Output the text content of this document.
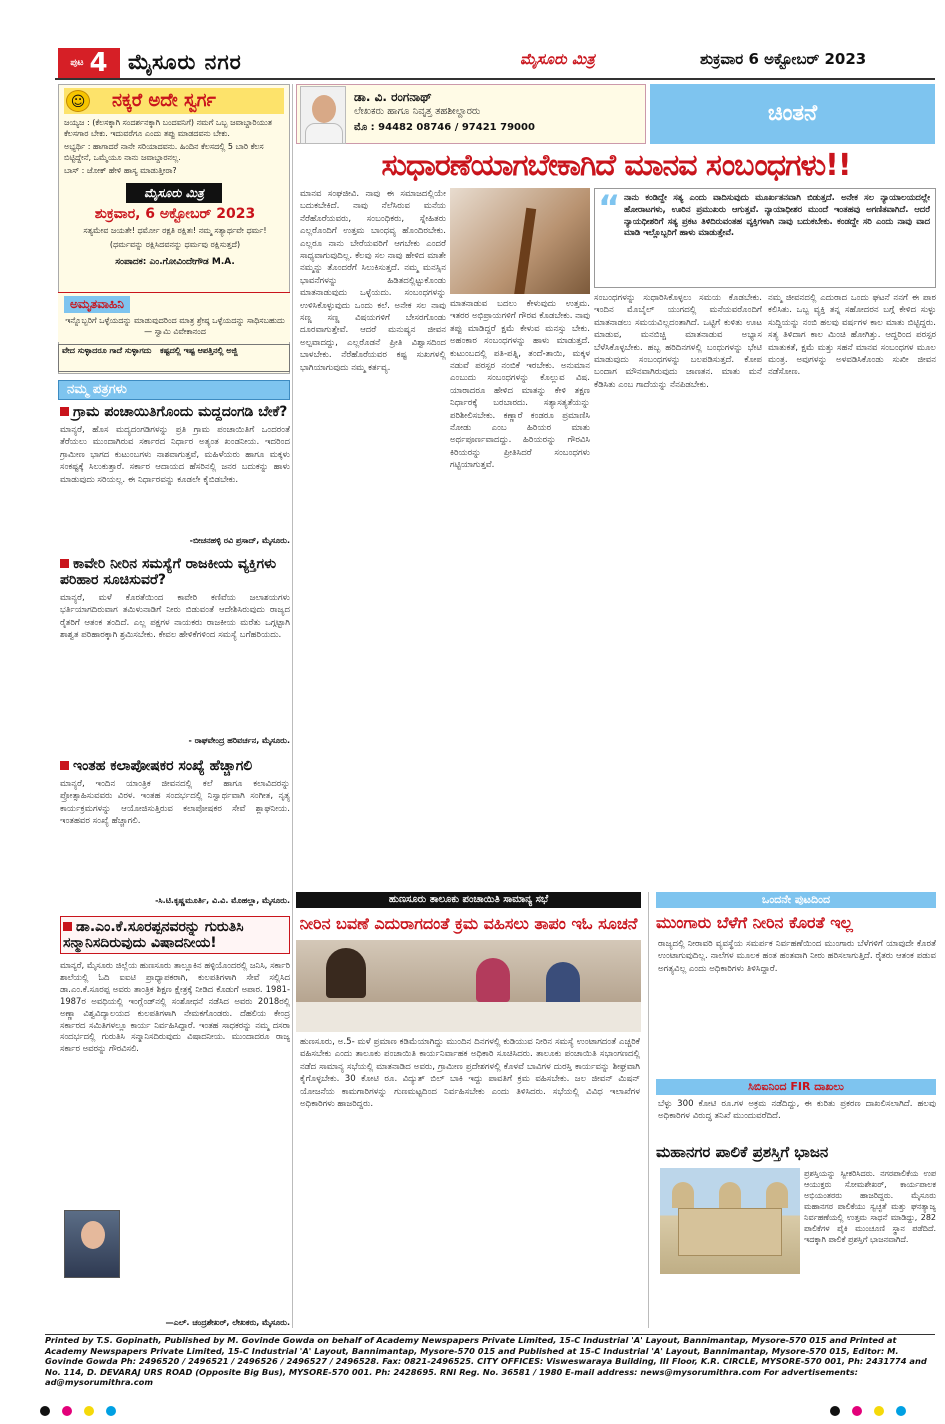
ಪುಟ 4 ಮೈಸೂರು ನಗರ	ಮೈಸೂರು ಮಿತ್ರ	ಶುಕ್ರವಾರ 6 ಅಕ್ಟೋಬರ್ 2023
ನಕ್ಕರೆ ಅದೇ ಸ್ವರ್ಗ
☺
ಜಯ್ಯಜ : (ಕೆಲಸಕ್ಕಾಗಿ ಸಂದರ್ಶನಕ್ಕಾಗಿ ಬಂದವನಿಗೆ) ನಮಗೆ ಒಬ್ಬ ಜವಾಬ್ದಾರಿಯುತ ಕೆಲಸಗಾರ ಬೇಕು. ಇದುವರೆಗೂ ಎಂದು ತಪ್ಪು ಮಾಡದವನು ಬೇಕು.
ಅಭ್ಯರ್ಥಿ : ಹಾಗಾದರೆ ನಾನೇ ಸರಿಯಾದವನು. ಹಿಂದಿನ ಕೆಲಸದಲ್ಲಿ 5 ಬಾರಿ ಕೆಲಸ ಬಿಟ್ಟಿದ್ದೇನೆ, ಒಮ್ಮೆಯೂ ನಾನು ಜವಾಬ್ದಾರನಲ್ಲ.
ಬಾಸ್ : ಜೋಕ್ ಹೇಳಿ ಹಾಸ್ಯ ಮಾಡುತ್ತೀರಾ?
ಮೈಸೂರು ಮಿತ್ರ
ಶುಕ್ರವಾರ, 6 ಅಕ್ಟೋಬರ್ 2023
ಸತ್ಯಮೇವ ಜಯತೇ! ಧರ್ಮೋ ರಕ್ಷತಿ ರಕ್ಷಿತಃ! ನಮ್ಮ ಸತ್ಯಾರ್ಥವೇ ಧರ್ಮ!
(ಧರ್ಮವನ್ನು ರಕ್ಷಿಸಿದವನನ್ನು ಧರ್ಮವು ರಕ್ಷಿಸುತ್ತದೆ)
ಸಂಪಾದಕ: ಎಂ.ಗೋವಿಂದೇಗೌಡ M.A.
ಅಮೃತವಾಹಿನಿ
ಇನ್ನೊಬ್ಬರಿಗೆ ಒಳ್ಳೆಯದನ್ನು ಮಾಡುವುದರಿಂದ ಮಾತ್ರ ಶ್ರೇಷ್ಠ ಒಳ್ಳೆಯದನ್ನು ಸಾಧಿಸಬಹುದು — ಸ್ವಾಮಿ ವಿವೇಕಾನಂದ
ವೇದ ಸುಳ್ಳಾದರೂ ಗಾದೆ ಸುಳ್ಳಾಗದು ಕಷ್ಟದಲ್ಲಿ ಇಷ್ಟ ಆಪತ್ತಿನಲ್ಲಿ ಅಜ್ಜಿ
ನಮ್ಮ ಪತ್ರಗಳು
ಗ್ರಾಮ ಪಂಚಾಯಿತಿಗೊಂದು ಮದ್ದದಂಗಡಿ ಬೇಕೆ?
ಮಾನ್ಯರೆ, ಹೊಸ ಮದ್ಯದಂಗಡಿಗಳನ್ನು ಪ್ರತಿ ಗ್ರಾಮ ಪಂಚಾಯಿತಿಗೆ ಒಂದರಂತೆ ತೆರೆಯಲು ಮುಂದಾಗಿರುವ ಸರ್ಕಾರದ ನಿರ್ಧಾರ ಅತ್ಯಂತ ಖಂಡನೀಯ. ಇದರಿಂದ ಗ್ರಾಮೀಣ ಭಾಗದ ಕುಟುಂಬಗಳು ನಾಶವಾಗುತ್ತವೆ, ಮಹಿಳೆಯರು ಹಾಗೂ ಮಕ್ಕಳು ಸಂಕಷ್ಟಕ್ಕೆ ಸಿಲುಕುತ್ತಾರೆ. ಸರ್ಕಾರ ಆದಾಯದ ಹೆಸರಿನಲ್ಲಿ ಜನರ ಬದುಕನ್ನು ಹಾಳು ಮಾಡುವುದು ಸರಿಯಲ್ಲ. ಈ ನಿರ್ಧಾರವನ್ನು ಕೂಡಲೇ ಕೈಬಿಡಬೇಕು.
-ಬೀಚನಹಳ್ಳಿ ರವಿ ಪ್ರಸಾದ್, ಮೈಸೂರು.
ಕಾವೇರಿ ನೀರಿನ ಸಮಸ್ಯೆಗೆ ರಾಜಕೀಯ ವ್ಯಕ್ತಿಗಳು ಪರಿಹಾರ ಸೂಚಿಸುವರೆ?
ಮಾನ್ಯರೆ, ಮಳೆ ಕೊರತೆಯಿಂದ ಕಾವೇರಿ ಕಣಿವೆಯ ಜಲಾಶಯಗಳು ಭರ್ತಿಯಾಗದಿರುವಾಗ ತಮಿಳುನಾಡಿಗೆ ನೀರು ಬಿಡುವಂತೆ ಆದೇಶಿಸಿರುವುದು ರಾಜ್ಯದ ರೈತರಿಗೆ ಆತಂಕ ತಂದಿದೆ. ಎಲ್ಲ ಪಕ್ಷಗಳ ನಾಯಕರು ರಾಜಕೀಯ ಮರೆತು ಒಗ್ಗಟ್ಟಾಗಿ ಶಾಶ್ವತ ಪರಿಹಾರಕ್ಕಾಗಿ ಶ್ರಮಿಸಬೇಕು. ಕೇವಲ ಹೇಳಿಕೆಗಳಿಂದ ಸಮಸ್ಯೆ ಬಗೆಹರಿಯದು.
- ರಾಘವೇಂದ್ರ ಹರಿವರ್ಚನ, ಮೈಸೂರು.
ಇಂತಹ ಕಲಾಪೋಷಕರ ಸಂಖ್ಯೆ ಹೆಚ್ಚಾಗಲಿ
ಮಾನ್ಯರೆ, ಇಂದಿನ ಯಾಂತ್ರಿಕ ಜೀವನದಲ್ಲಿ ಕಲೆ ಹಾಗೂ ಕಲಾವಿದರನ್ನು ಪ್ರೋತ್ಸಾಹಿಸುವವರು ವಿರಳ. ಇಂತಹ ಸಂದರ್ಭದಲ್ಲಿ ನಿಸ್ವಾರ್ಥವಾಗಿ ಸಂಗೀತ, ನೃತ್ಯ ಕಾರ್ಯಕ್ರಮಗಳನ್ನು ಆಯೋಜಿಸುತ್ತಿರುವ ಕಲಾಪೋಷಕರ ಸೇವೆ ಶ್ಲಾಘನೀಯ. ಇಂತಹವರ ಸಂಖ್ಯೆ ಹೆಚ್ಚಾಗಲಿ.
-ಸಿ.ಟಿ.ಕೃಷ್ಣಮೂರ್ತಿ, ವಿ.ವಿ. ಮೊಹಲ್ಲಾ, ಮೈಸೂರು.
ಡಾ.ಎಂ.ಕೆ.ಸೂರಪ್ಪನವರನ್ನು ಗುರುತಿಸಿ ಸನ್ಮಾನಿಸದಿರುವುದು ವಿಷಾದನೀಯ!
ಮಾನ್ಯರೆ, ಮೈಸೂರು ಜಿಲ್ಲೆಯ ಹುಣಸೂರು ತಾಲ್ಲೂಕಿನ ಹಳ್ಳಿಯೊಂದರಲ್ಲಿ ಜನಿಸಿ, ಸರ್ಕಾರಿ ಶಾಲೆಯಲ್ಲಿ ಓದಿ ಐಐಟಿ ಪ್ರಾಧ್ಯಾಪಕರಾಗಿ, ಕುಲಪತಿಗಳಾಗಿ ಸೇವೆ ಸಲ್ಲಿಸಿದ ಡಾ.ಎಂ.ಕೆ.ಸೂರಪ್ಪ ಅವರು ತಾಂತ್ರಿಕ ಶಿಕ್ಷಣ ಕ್ಷೇತ್ರಕ್ಕೆ ನೀಡಿದ ಕೊಡುಗೆ ಅಪಾರ. 1981-1987ರ ಅವಧಿಯಲ್ಲಿ ಇಂಗ್ಲೆಂಡ್‌ನಲ್ಲಿ ಸಂಶೋಧನೆ ನಡೆಸಿದ ಅವರು 2018ರಲ್ಲಿ ಅಣ್ಣಾ ವಿಶ್ವವಿದ್ಯಾಲಯದ ಕುಲಪತಿಗಳಾಗಿ ನೇಮಕಗೊಂಡರು. ದೆಹಲಿಯ ಕೇಂದ್ರ ಸರ್ಕಾರದ ಸಮಿತಿಗಳಲ್ಲೂ ಕಾರ್ಯ ನಿರ್ವಹಿಸಿದ್ದಾರೆ. ಇಂತಹ ಸಾಧಕರನ್ನು ನಮ್ಮ ದಸರಾ ಸಂದರ್ಭದಲ್ಲಿ ಗುರುತಿಸಿ ಸನ್ಮಾನಿಸದಿರುವುದು ವಿಷಾದನೀಯ. ಮುಂದಾದರೂ ರಾಜ್ಯ ಸರ್ಕಾರ ಅವರನ್ನು ಗೌರವಿಸಲಿ.
—ಎಲ್. ಚಂದ್ರಶೇಖರ್, ಲೇಖಕರು, ಮೈಸೂರು.
ಡಾ. ವಿ. ರಂಗನಾಥ್
ಲೇಖಕರು ಹಾಗೂ ನಿವೃತ್ತ ತಹಶೀಲ್ದಾರರು
ಮೊ : 94482 08746 / 97421 79000
ಚಿಂತನೆ
ಸುಧಾರಣೆಯಾಗಬೇಕಾಗಿದೆ ಮಾನವ ಸಂಬಂಧಗಳು!!
ಮಾನವ ಸಂಘಜೀವಿ. ನಾವು ಈ ಸಮಾಜದಲ್ಲಿಯೇ ಬದುಕಬೇಕಿದೆ. ನಾವು ನೆಲೆಸಿರುವ ಮನೆಯ ನೆರೆಹೊರೆಯವರು, ಸಂಬಂಧಿಕರು, ಸ್ನೇಹಿತರು ಎಲ್ಲರೊಂದಿಗೆ ಉತ್ತಮ ಬಾಂಧವ್ಯ ಹೊಂದಿರಬೇಕು. ಎಲ್ಲರೂ ನಾನು ಬೇರೆಯವರಿಗೆ ಆಗಬೇಕು ಎಂದರೆ ಸಾಧ್ಯವಾಗುವುದಿಲ್ಲ. ಕೆಲವು ಸಲ ನಾವು ಹೇಳಿದ ಮಾತೇ ನಮ್ಮನ್ನು ತೊಂದರೆಗೆ ಸಿಲುಕಿಸುತ್ತದೆ. ನಮ್ಮ ಮನಸ್ಸಿನ ಭಾವನೆಗಳನ್ನು ಹಿಡಿತದಲ್ಲಿಟ್ಟುಕೊಂಡು ಮಾತನಾಡುವುದು ಒಳ್ಳೆಯದು. ಸಂಬಂಧಗಳನ್ನು ಉಳಿಸಿಕೊಳ್ಳುವುದು ಒಂದು ಕಲೆ. ಅನೇಕ ಸಲ ನಾವು ಸಣ್ಣ ಸಣ್ಣ ವಿಷಯಗಳಿಗೆ ಬೇಸರಗೊಂಡು ದೂರವಾಗುತ್ತೇವೆ. ಆದರೆ ಮನುಷ್ಯನ ಜೀವನ ಅಲ್ಪವಾದದ್ದು, ಎಲ್ಲರೊಡನೆ ಪ್ರೀತಿ ವಿಶ್ವಾಸದಿಂದ ಬಾಳಬೇಕು. ನೆರೆಹೊರೆಯವರ ಕಷ್ಟ ಸುಖಗಳಲ್ಲಿ ಭಾಗಿಯಾಗುವುದು ನಮ್ಮ ಕರ್ತವ್ಯ.
ಮಾತನಾಡುವ ಬದಲು ಕೇಳುವುದು ಉತ್ತಮ. ಇತರರ ಅಭಿಪ್ರಾಯಗಳಿಗೆ ಗೌರವ ಕೊಡಬೇಕು. ನಾವು ತಪ್ಪು ಮಾಡಿದ್ದರೆ ಕ್ಷಮೆ ಕೇಳುವ ಮನಸ್ಸು ಬೇಕು. ಅಹಂಕಾರ ಸಂಬಂಧಗಳನ್ನು ಹಾಳು ಮಾಡುತ್ತದೆ. ಕುಟುಂಬದಲ್ಲಿ ಪತಿ-ಪತ್ನಿ, ತಂದೆ-ತಾಯಿ, ಮಕ್ಕಳ ನಡುವೆ ಪರಸ್ಪರ ನಂಬಿಕೆ ಇರಬೇಕು. ಅನುಮಾನ ಎಂಬುದು ಸಂಬಂಧಗಳನ್ನು ಕೊಲ್ಲುವ ವಿಷ. ಯಾರಾದರೂ ಹೇಳಿದ ಮಾತನ್ನು ಕೇಳಿ ತಕ್ಷಣ ನಿರ್ಧಾರಕ್ಕೆ ಬರಬಾರದು. ಸತ್ಯಾಸತ್ಯತೆಯನ್ನು ಪರಿಶೀಲಿಸಬೇಕು. ಕಣ್ಣಾರೆ ಕಂಡರೂ ಪ್ರಮಾಣಿಸಿ ನೋಡು ಎಂಬ ಹಿರಿಯರ ಮಾತು ಅರ್ಥಪೂರ್ಣವಾದದ್ದು. ಹಿರಿಯರನ್ನು ಗೌರವಿಸಿ ಕಿರಿಯರನ್ನು ಪ್ರೀತಿಸಿದರೆ ಸಂಬಂಧಗಳು ಗಟ್ಟಿಯಾಗುತ್ತವೆ.
“ ನಾನು ಕಂಡಿದ್ದೇ ಸತ್ಯ ಎಂದು ವಾದಿಸುವುದು ಮೂರ್ಖತನವಾಗಿ ಬಿಡುತ್ತದೆ. ಅನೇಕ ಸಲ ನ್ಯಾಯಾಲಯದಲ್ಲೇ ಹೋರಾಟಗಳು, ಊರಿನ ಪ್ರಮುಖರು ಆಗುತ್ತವೆ. ನ್ಯಾಯಾಧೀಶರ ಮುಂದೆ ಇಂತಹವು ಅಗಣಿತವಾಗಿದೆ. ಆದರೆ ನ್ಯಾಯಧೀಶರಿಗೆ ಸತ್ಯ ಪ್ರಕಟ ತಿಳಿದಿರುವಂತಹ ವ್ಯಕ್ತಿಗಳಾಗಿ ನಾವು ಬದುಕಬೇಕು. ಕಂಡದ್ದೇ ಸರಿ ಎಂದು ನಾವು ವಾದ ಮಾಡಿ ಇಲ್ಲೊಬ್ಬರಿಗೆ ಹಾಳು ಮಾಡುತ್ತೇವೆ.
ಸಂಬಂಧಗಳನ್ನು ಸುಧಾರಿಸಿಕೊಳ್ಳಲು ಸಮಯ ಕೊಡಬೇಕು. ಇಂದಿನ ಮೊಬೈಲ್ ಯುಗದಲ್ಲಿ ಮನೆಯವರೊಂದಿಗೆ ಮಾತನಾಡಲು ಸಮಯವಿಲ್ಲದಂತಾಗಿದೆ. ಒಟ್ಟಿಗೆ ಕುಳಿತು ಊಟ ಮಾಡುವ, ಮನಬಿಚ್ಚಿ ಮಾತನಾಡುವ ಅಭ್ಯಾಸ ಬೆಳೆಸಿಕೊಳ್ಳಬೇಕು. ಹಬ್ಬ ಹರಿದಿನಗಳಲ್ಲಿ ಬಂಧುಗಳನ್ನು ಭೇಟಿ ಮಾಡುವುದು ಸಂಬಂಧಗಳನ್ನು ಬಲಪಡಿಸುತ್ತದೆ. ಕೋಪ ಬಂದಾಗ ಮೌನವಾಗಿರುವುದು ಜಾಣತನ. ಮಾತು ಮನೆ ಕೆಡಿಸಿತು ಎಂಬ ಗಾದೆಯನ್ನು ನೆನಪಿಡಬೇಕು.
ನಮ್ಮ ಜೀವನದಲ್ಲಿ ಎದುರಾದ ಒಂದು ಘಟನೆ ನನಗೆ ಈ ಪಾಠ ಕಲಿಸಿತು. ಒಬ್ಬ ವ್ಯಕ್ತಿ ತನ್ನ ಸಹೋದರನ ಬಗ್ಗೆ ಕೇಳಿದ ಸುಳ್ಳು ಸುದ್ದಿಯನ್ನು ನಂಬಿ ಹಲವು ವರ್ಷಗಳ ಕಾಲ ಮಾತು ಬಿಟ್ಟಿದ್ದರು. ಸತ್ಯ ತಿಳಿದಾಗ ಕಾಲ ಮಿಂಚಿ ಹೋಗಿತ್ತು. ಆದ್ದರಿಂದ ಪರಸ್ಪರ ಮಾತುಕತೆ, ಕ್ಷಮೆ ಮತ್ತು ಸಹನೆ ಮಾನವ ಸಂಬಂಧಗಳ ಮೂಲ ಮಂತ್ರ. ಅವುಗಳನ್ನು ಅಳವಡಿಸಿಕೊಂಡು ಸುಖೀ ಜೀವನ ನಡೆಸೋಣ.
ಹುಣಸೂರು ತಾಲೂಕು ಪಂಚಾಯಿತಿ ಸಾಮಾನ್ಯ ಸಭೆ
ನೀರಿನ ಬವಣೆ ಎದುರಾಗದಂತೆ ಕ್ರಮ ವಹಿಸಲು ತಾಪಂ ಇಓ ಸೂಚನೆ
ಹುಣಸೂರು, ಅ.5- ಮಳೆ ಪ್ರಮಾಣ ಕಡಿಮೆಯಾಗಿದ್ದು ಮುಂದಿನ ದಿನಗಳಲ್ಲಿ ಕುಡಿಯುವ ನೀರಿನ ಸಮಸ್ಯೆ ಉಂಟಾಗದಂತೆ ಎಚ್ಚರಿಕೆ ವಹಿಸಬೇಕು ಎಂದು ತಾಲೂಕು ಪಂಚಾಯಿತಿ ಕಾರ್ಯನಿರ್ವಾಹಕ ಅಧಿಕಾರಿ ಸೂಚಿಸಿದರು. ತಾಲೂಕು ಪಂಚಾಯಿತಿ ಸಭಾಂಗಣದಲ್ಲಿ ನಡೆದ ಸಾಮಾನ್ಯ ಸಭೆಯಲ್ಲಿ ಮಾತನಾಡಿದ ಅವರು, ಗ್ರಾಮೀಣ ಪ್ರದೇಶಗಳಲ್ಲಿ ಕೊಳವೆ ಬಾವಿಗಳ ದುರಸ್ತಿ ಕಾರ್ಯವನ್ನು ಶೀಘ್ರವಾಗಿ ಕೈಗೊಳ್ಳಬೇಕು. 30 ಕೋಟಿ ರೂ. ವಿದ್ಯುತ್ ಬಿಲ್ ಬಾಕಿ ಇದ್ದು ಪಾವತಿಗೆ ಕ್ರಮ ವಹಿಸಬೇಕು. ಜಲ ಜೀವನ್ ಮಿಷನ್ ಯೋಜನೆಯ ಕಾಮಗಾರಿಗಳನ್ನು ಗುಣಮಟ್ಟದಿಂದ ನಿರ್ವಹಿಸಬೇಕು ಎಂದು ತಿಳಿಸಿದರು. ಸಭೆಯಲ್ಲಿ ವಿವಿಧ ಇಲಾಖೆಗಳ ಅಧಿಕಾರಿಗಳು ಹಾಜರಿದ್ದರು.
ಒಂದನೇ ಪುಟದಿಂದ
ಮುಂಗಾರು ಬೆಳೆಗೆ ನೀರಿನ ಕೊರತೆ ಇಲ್ಲ
ರಾಜ್ಯದಲ್ಲಿ ನೀರಾವರಿ ವ್ಯವಸ್ಥೆಯ ಸಮರ್ಪಕ ನಿರ್ವಹಣೆಯಿಂದ ಮುಂಗಾರು ಬೆಳೆಗಳಿಗೆ ಯಾವುದೇ ಕೊರತೆ ಉಂಟಾಗುವುದಿಲ್ಲ. ನಾಲೆಗಳ ಮೂಲಕ ಹಂತ ಹಂತವಾಗಿ ನೀರು ಹರಿಸಲಾಗುತ್ತಿದೆ. ರೈತರು ಆತಂಕ ಪಡುವ ಅಗತ್ಯವಿಲ್ಲ ಎಂದು ಅಧಿಕಾರಿಗಳು ತಿಳಿಸಿದ್ದಾರೆ.
ಸಿಬಿಐನಿಂದ FIR ದಾಖಲು
ಬೆಳ್ಳು 300 ಕೋಟಿ ರೂ.ಗಳ ಅಕ್ರಮ ನಡೆದಿದ್ದು, ಈ ಕುರಿತು ಪ್ರಕರಣ ದಾಖಲಿಸಲಾಗಿದೆ. ಹಲವು ಅಧಿಕಾರಿಗಳ ವಿರುದ್ಧ ತನಿಖೆ ಮುಂದುವರೆದಿದೆ.
ಮಹಾನಗರ ಪಾಲಿಕೆ ಪ್ರಶಸ್ತಿಗೆ ಭಾಜನ
ಪ್ರಶಸ್ತಿಯನ್ನು ಸ್ವೀಕರಿಸಿದರು. ನಗರಪಾಲಿಕೆಯ ಉಪ ಆಯುಕ್ತರು ಸೋಮಶೇಖರ್, ಕಾರ್ಯಪಾಲಕ ಅಭಿಯಂತರರು ಹಾಜರಿದ್ದರು. ಮೈಸೂರು ಮಹಾನಗರ ಪಾಲಿಕೆಯು ಸ್ವಚ್ಛತೆ ಮತ್ತು ಘನತ್ಯಾಜ್ಯ ನಿರ್ವಹಣೆಯಲ್ಲಿ ಉತ್ತಮ ಸಾಧನೆ ಮಾಡಿದ್ದು, 282 ಪಾಲಿಕೆಗಳ ಪೈಕಿ ಮುಂಚೂಣಿ ಸ್ಥಾನ ಪಡೆದಿದೆ. ಇದಕ್ಕಾಗಿ ಪಾಲಿಕೆ ಪ್ರಶಸ್ತಿಗೆ ಭಾಜನವಾಗಿದೆ.
Printed by T.S. Gopinath, Published by M. Govinde Gowda on behalf of Academy Newspapers Private Limited, 15-C Industrial 'A' Layout, Bannimantap, Mysore-570 015 and Printed at Academy Newspapers Private Limited, 15-C Industrial 'A' Layout, Bannimantap, Mysore-570 015 and Published at 15-C Industrial 'A' Layout, Bannimantap, Mysore-570 015, Editor: M. Govinde Gowda Ph: 2496520 / 2496521 / 2496526 / 2496527 / 2496528. Fax: 0821-2496525. CITY OFFICES: Visweswaraya Building, III Floor, K.R. CIRCLE, MYSORE-570 001, Ph: 2431774 and No. 114, D. DEVARAJ URS ROAD (Opposite Big Bus), MYSORE-570 001. Ph: 2428695. RNI Reg. No. 36581 / 1980 E-mail address: news@mysorumithra.com For advertisements: ad@mysorumithra.com
